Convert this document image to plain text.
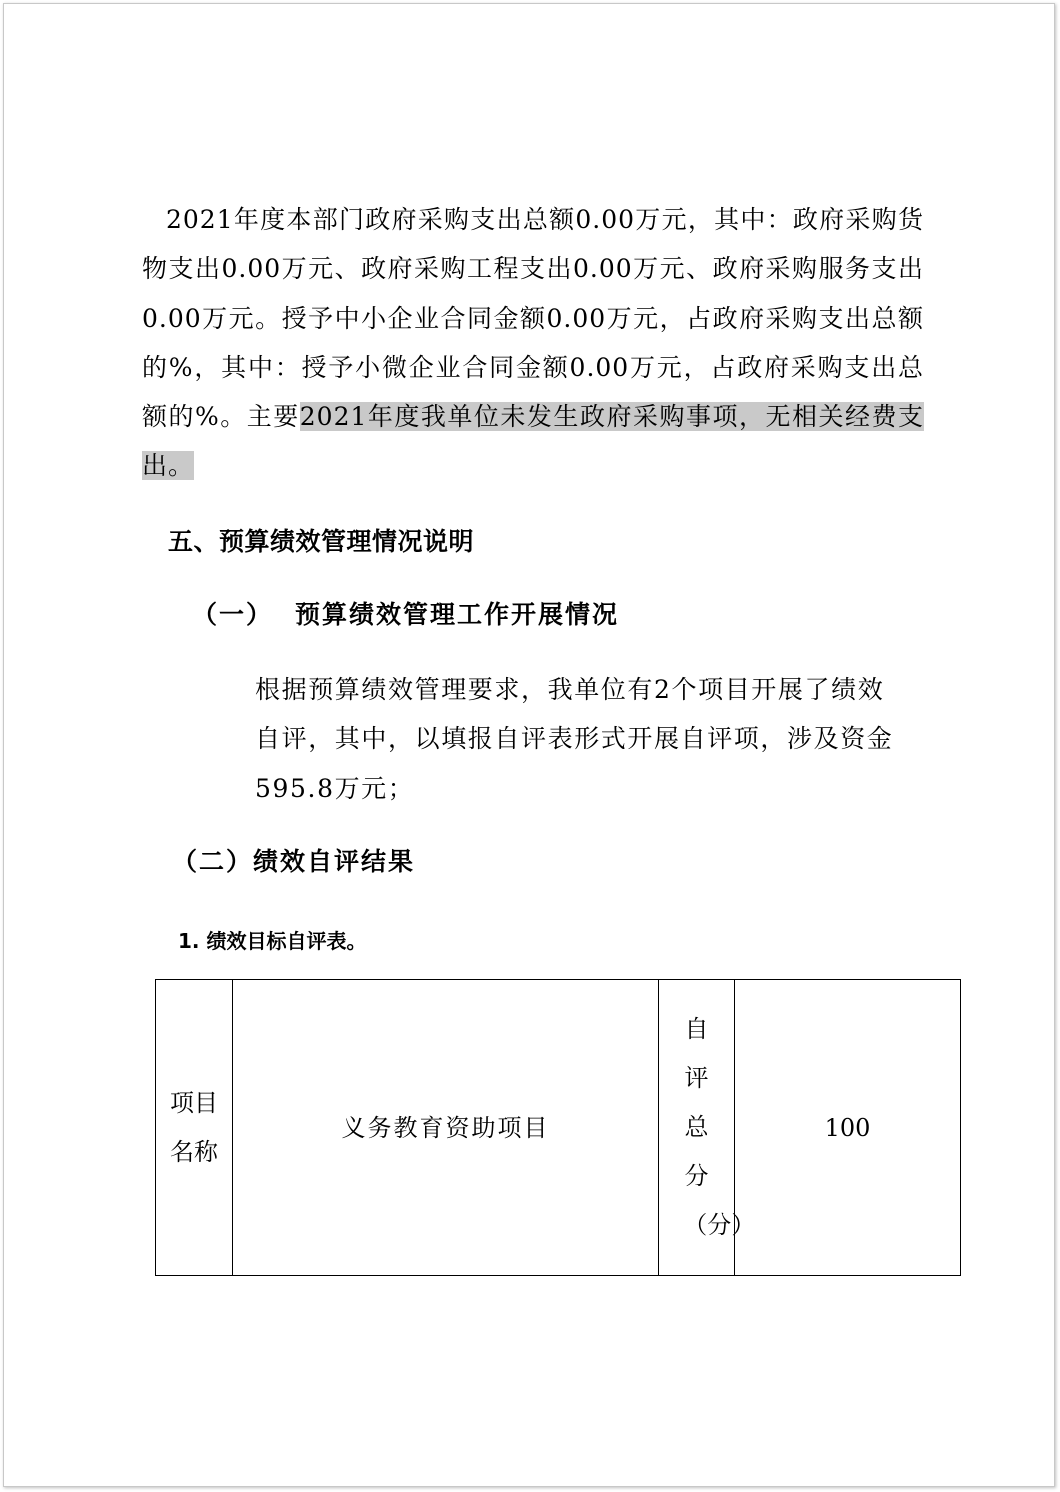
2021年度本部门政府采购支出总额0.00万元，其中：政府采购货物支出0.00万元、政府采购工程支出0.00万元、政府采购服务支出0.00万元。授予中小企业合同金额0.00万元，占政府采购支出总额的%，其中：授予小微企业合同金额0.00万元，占政府采购支出总额的%。主要2021年度我单位未发生政府采购事项，无相关经费支出。

五、预算绩效管理情况说明
（一） 预算绩效管理工作开展情况

根据预算绩效管理要求，我单位有2个项目开展了绩效自评，其中，以填报自评表形式开展自评项，涉及资金595.8万元；

（二）绩效自评结果
1. 绩效目标自评表。
项目名称	义务教育资助项目	自评总分（分）	100
